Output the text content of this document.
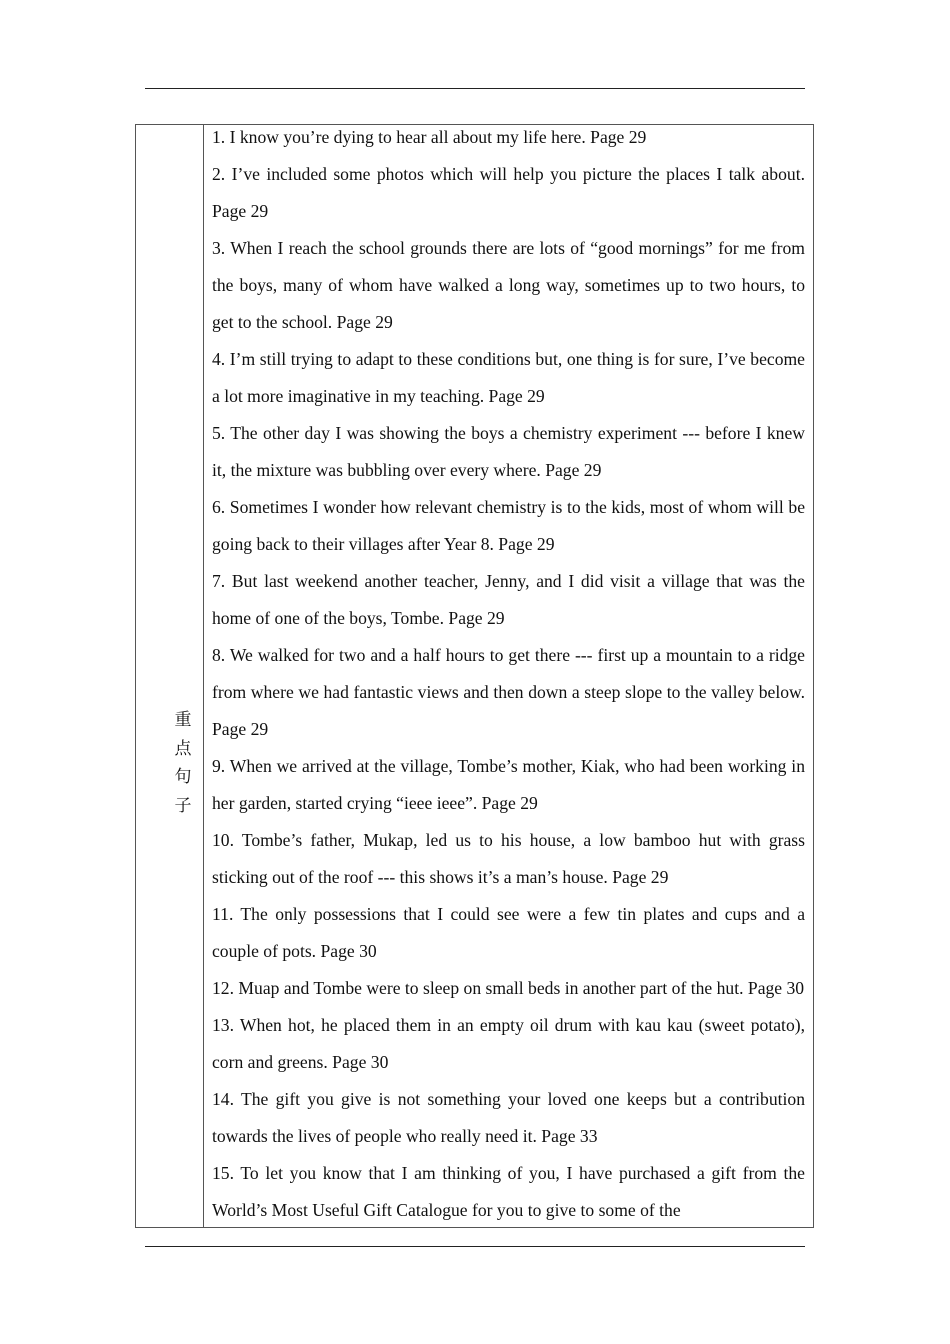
重
点
句
子

1. I know you’re dying to hear all about my life here. Page 29

2. I’ve included some photos which will help you picture the places I talk about. Page 29

3. When I reach the school grounds there are lots of “good mornings” for me from the boys, many of whom have walked a long way, sometimes up to two hours, to get to the school. Page 29

4. I’m still trying to adapt to these conditions but, one thing is for sure, I’ve become a lot more imaginative in my teaching. Page 29

5. The other day I was showing the boys a chemistry experiment --- before I knew it, the mixture was bubbling over every where. Page 29

6. Sometimes I wonder how relevant chemistry is to the kids, most of whom will be going back to their villages after Year 8. Page 29

7. But last weekend another teacher, Jenny, and I did visit a village that was the home of one of the boys, Tombe. Page 29

8. We walked for two and a half hours to get there --- first up a mountain to a ridge from where we had fantastic views and then down a steep slope to the valley below. Page 29

9. When we arrived at the village, Tombe’s mother, Kiak, who had been working in her garden, started crying “ieee ieee”. Page 29

10. Tombe’s father, Mukap, led us to his house, a low bamboo hut with grass sticking out of the roof --- this shows it’s a man’s house. Page 29

11. The only possessions that I could see were a few tin plates and cups and a couple of pots. Page 30

12. Muap and Tombe were to sleep on small beds in another part of the hut. Page 30

13. When hot, he placed them in an empty oil drum with kau kau (sweet potato), corn and greens. Page 30

14. The gift you give is not something your loved one keeps but a contribution towards the lives of people who really need it. Page 33

15. To let you know that I am thinking of you, I have purchased a gift from the World’s Most Useful Gift Catalogue for you to give to some of the
